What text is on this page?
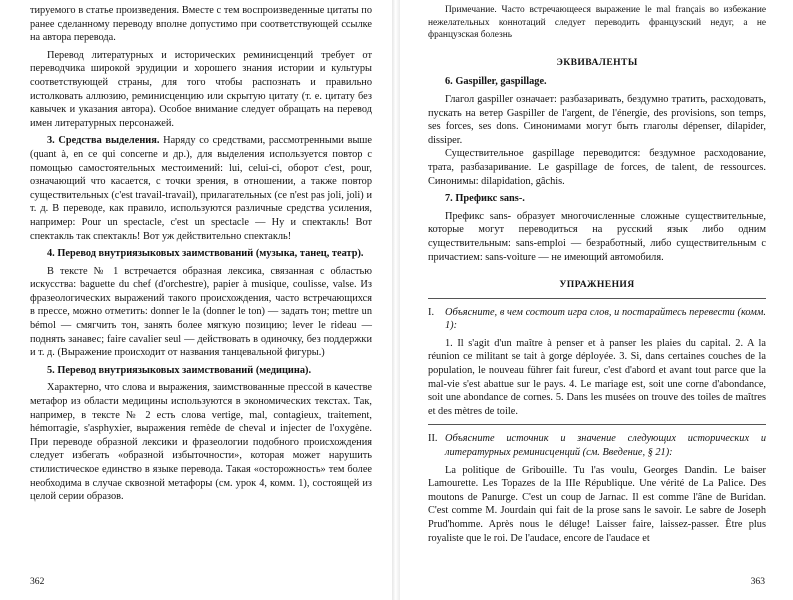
тируемого в статье произведения. Вместе с тем воспроизведенные цитаты по ранее сделанному переводу вполне допустимо при соответствующей ссылке на автора перевода.

Перевод литературных и исторических реминисценций требует от переводчика широкой эрудиции и хорошего знания истории и культуры соответствующей страны, для того чтобы распознать и правильно истолковать аллюзию, реминисценцию или скрытую цитату (т. е. цитату без кавычек и указания автора). Особое внимание следует обращать на перевод имен литературных персонажей.

3. Средства выделения. Наряду со средствами, рассмотренными выше (quant à, en ce qui concerne и др.), для выделения используется повтор с помощью самостоятельных местоимений: lui, celui-ci, оборот c'est, pour, означающий что касается, с точки зрения, в отношении, а также повтор существительных (c'est travail-travail), прилагательных (ce n'est pas joli, joli) и т. д. В переводе, как правило, используются различные средства усиления, например: Pour un spectacle, c'est un spectacle — Ну и спектакль! Вот спектакль так спектакль! Вот уж действительно спектакль!

4. Перевод внутриязыковых заимствований (музыка, танец, театр).

В тексте № 1 встречается образная лексика, связанная с областью искусства: baguette du chef (d'orchestre), papier à musique, coulisse, valse. Из фразеологических выражений такого происхождения, часто встречающихся в прессе, можно отметить: donner le la (donner le ton) — задать тон; mettre un bémol — смягчить тон, занять более мягкую позицию; lever le rideau — поднять занавес; faire cavalier seul — действовать в одиночку, без поддержки и т. д. (Выражение происходит от названия танцевальной фигуры.)

5. Перевод внутриязыковых заимствований (медицина).

Характерно, что слова и выражения, заимствованные прессой в качестве метафор из области медицины используются в экономических текстах. Так, например, в тексте № 2 есть слова vertige, mal, contagieux, traitement, hémorragie, s'asphyxier, выражения remède de cheval и injecter de l'oxygène. При переводе образной лексики и фразеологии подобного происхождения следует избегать «образной избыточности», которая может нарушить стилистическое единство в языке перевода. Такая «осторожность» тем более необходима в случае сквозной метафоры (см. урок 4, комм. 1), состоящей из целой серии образов.

362

Примечание. Часто встречающееся выражение le mal français во избежание нежелательных коннотаций следует переводить французский недуг, а не французская болезнь

ЭКВИВАЛЕНТЫ

6. Gaspiller, gaspillage.

Глагол gaspiller означает: разбазаривать, бездумно тратить, расходовать, пускать на ветер Gaspiller de l'argent, de l'énergie, des provisions, son temps, ses forces, ses dons. Синонимами могут быть глаголы dépenser, dilapider, dissiper.

Существительное gaspillage переводится: бездумное расходование, трата, разбазаривание. Le gaspillage de forces, de talent, de ressources. Синонимы: dilapidation, gâchis.

7. Префикс sans-.

Префикс sans- образует многочисленные сложные существительные, которые могут переводиться на русский язык либо одним существительным: sans-emploi — безработный, либо существительным с причастием: sans-voiture — не имеющий автомобиля.

УПРАЖНЕНИЯ
I.	Объясните, в чем состоит игра слов, и постарайтесь перевести (комм. 1):

1. Il s'agit d'un maître à penser et à panser les plaies du capital. 2. A la réunion ce militant se tait à gorge déployée. 3. Si, dans certaines couches de la population, le nouveau führer fait fureur, c'est d'abord et avant tout parce que la mal-vie s'est abattue sur le pays. 4. Le mariage est, soit une corne d'abondance, soit une abondance de cornes. 5. Dans les musées on trouve des toiles de maîtres et des mètres de toile.

II. Объясните источник и значение следующих исторических и литературных реминисценций (см. Введение, § 21):

La politique de Gribouille. Tu l'as voulu, Georges Dandin. Le baiser Lamourette. Les Topazes de la IIIe République. Une vérité de La Palice. Des moutons de Panurge. C'est un coup de Jarnac. Il est comme l'âne de Buridan. C'est comme M. Jourdain qui fait de la prose sans le savoir. Le sabre de Joseph Prud'homme. Après nous le déluge! Laisser faire, laissez-passer. Être plus royaliste que le roi. De l'audace, encore de l'audace et

363
